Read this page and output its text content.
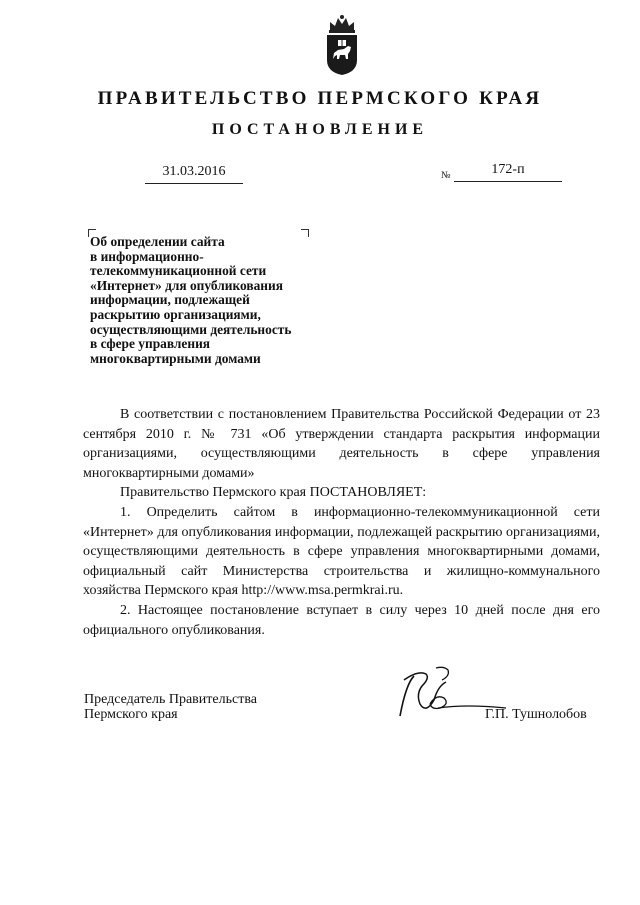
ПРАВИТЕЛЬСТВО ПЕРМСКОГО КРАЯ
ПОСТАНОВЛЕНИЕ
31.03.2016	№	172-п
Об определении сайта
в информационно-
телекоммуникационной сети
«Интернет» для опубликования
информации, подлежащей
раскрытию организациями,
осуществляющими деятельность
в сфере управления
многоквартирными домами

В соответствии с постановлением Правительства Российской Федерации от 23 сентября 2010 г. № 731 «Об утверждении стандарта раскрытия информации организациями, осуществляющими деятельность в сфере управления многоквартирными домами»

Правительство Пермского края ПОСТАНОВЛЯЕТ:

1. Определить сайтом в информационно-телекоммуникационной сети «Интернет» для опубликования информации, подлежащей раскрытию организациями, осуществляющими деятельность в сфере управления многоквартирными домами, официальный сайт Министерства строительства и жилищно-коммунального хозяйства Пермского края http://www.msa.permkrai.ru.

2. Настоящее постановление вступает в силу через 10 дней после дня его официального опубликования.

Председатель Правительства
Пермского края	Г.П. Тушнолобов
